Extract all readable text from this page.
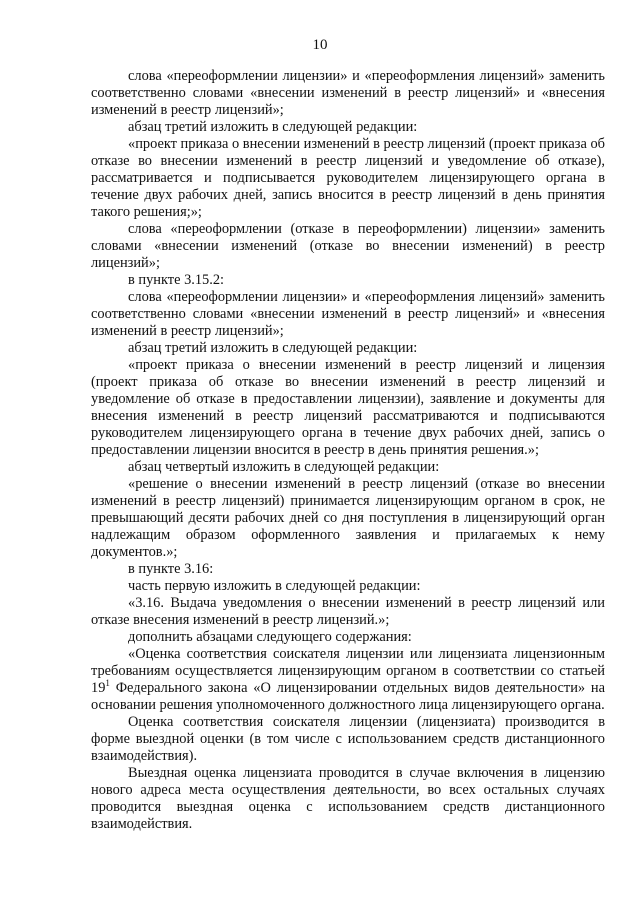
10

слова «переоформлении лицензии» и «переоформления лицензий» заменить соответственно словами «внесении изменений в реестр лицензий» и «внесения изменений в реестр лицензий»;

абзац третий изложить в следующей редакции:

«проект приказа о внесении изменений в реестр лицензий (проект приказа об отказе во внесении изменений в реестр лицензий и уведомление об отказе), рассматривается и подписывается руководителем лицензирующего органа в течение двух рабочих дней, запись вносится в реестр лицензий в день принятия такого решения;»;

слова «переоформлении (отказе в переоформлении) лицензии» заменить словами «внесении изменений (отказе во внесении изменений) в реестр лицензий»;

в пункте 3.15.2:

слова «переоформлении лицензии» и «переоформления лицензий» заменить соответственно словами «внесении изменений в реестр лицензий» и «внесения изменений в реестр лицензий»;

абзац третий изложить в следующей редакции:

«проект приказа о внесении изменений в реестр лицензий и лицензия (проект приказа об отказе во внесении изменений в реестр лицензий и уведомление об отказе в предоставлении лицензии), заявление и документы для внесения изменений в реестр лицензий рассматриваются и подписываются руководителем лицензирующего органа в течение двух рабочих дней, запись о предоставлении лицензии вносится в реестр в день принятия решения.»;

абзац четвертый изложить в следующей редакции:

«решение о внесении изменений в реестр лицензий (отказе во внесении изменений в реестр лицензий) принимается лицензирующим органом в срок, не превышающий десяти рабочих дней со дня поступления в лицензирующий орган надлежащим образом оформленного заявления и прилагаемых к нему документов.»;

в пункте 3.16:

часть первую изложить в следующей редакции:

«3.16. Выдача уведомления о внесении изменений в реестр лицензий или отказе внесения изменений в реестр лицензий.»;

дополнить абзацами следующего содержания:

«Оценка соответствия соискателя лицензии или лицензиата лицензионным требованиям осуществляется лицензирующим органом в соответствии со статьей $19^1$ Федерального закона «О лицензировании отдельных видов деятельности» на основании решения уполномоченного должностного лица лицензирующего органа.

Оценка соответствия соискателя лицензии (лицензиата) производится в форме выездной оценки (в том числе с использованием средств дистанционного взаимодействия).

Выездная оценка лицензиата проводится в случае включения в лицензию нового адреса места осуществления деятельности, во всех остальных случаях проводится выездная оценка с использованием средств дистанционного взаимодействия.
